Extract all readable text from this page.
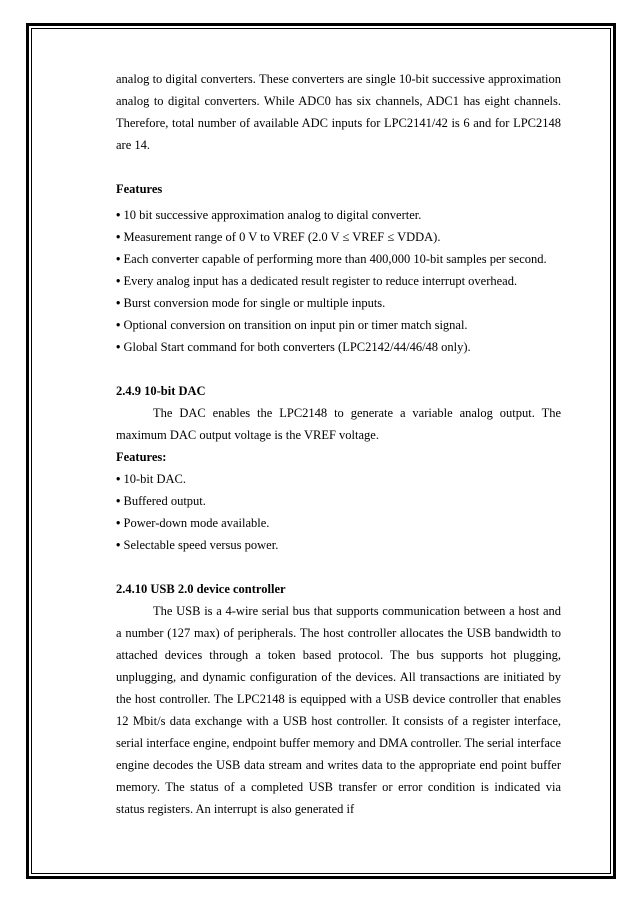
analog to digital converters. These converters are single 10-bit successive approximation analog to digital converters. While ADC0 has six channels, ADC1 has eight channels. Therefore, total number of available ADC inputs for LPC2141/42 is 6 and for LPC2148 are 14.

Features
• 10 bit successive approximation analog to digital converter.
• Measurement range of 0 V to VREF (2.0 V ≤ VREF ≤ VDDA).
• Each converter capable of performing more than 400,000 10-bit samples per second.
• Every analog input has a dedicated result register to reduce interrupt overhead.
• Burst conversion mode for single or multiple inputs.
• Optional conversion on transition on input pin or timer match signal.
• Global Start command for both converters (LPC2142/44/46/48 only).
2.4.9 10-bit DAC

The DAC enables the LPC2148 to generate a variable analog output. The maximum DAC output voltage is the VREF voltage.

Features:
• 10-bit DAC.
• Buffered output.
• Power-down mode available.
• Selectable speed versus power.
2.4.10 USB 2.0 device controller

The USB is a 4-wire serial bus that supports communication between a host and a number (127 max) of peripherals. The host controller allocates the USB bandwidth to attached devices through a token based protocol. The bus supports hot plugging, unplugging, and dynamic configuration of the devices. All transactions are initiated by the host controller. The LPC2148 is equipped with a USB device controller that enables 12 Mbit/s data exchange with a USB host controller. It consists of a register interface, serial interface engine, endpoint buffer memory and DMA controller. The serial interface engine decodes the USB data stream and writes data to the appropriate end point buffer memory. The status of a completed USB transfer or error condition is indicated via status registers. An interrupt is also generated if
